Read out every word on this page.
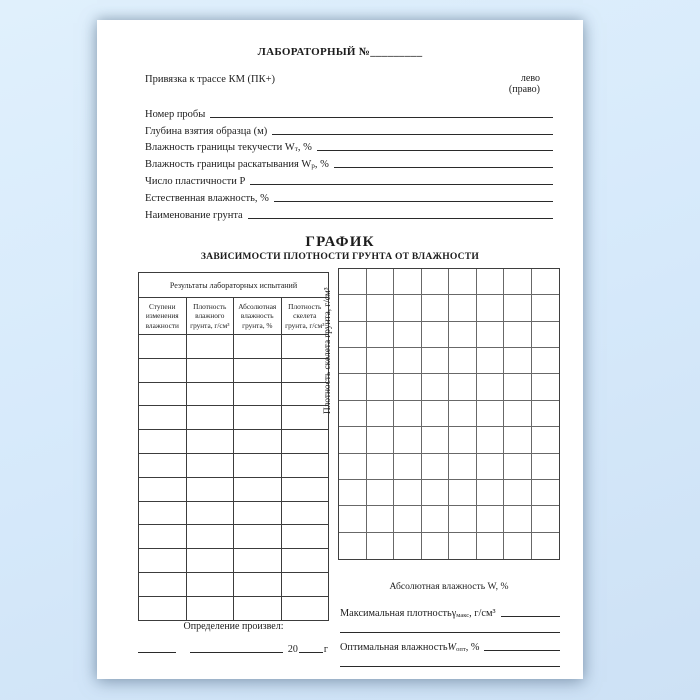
ЛАБОРАТОРНЫЙ №_________
Привязка к трассе КМ (ПК+)	лево
(право)
Номер пробы
Глубина взятия образца (м)
Влажность границы текучести W т , %
Влажность границы раскатывания W р , %
Число пластичности Р
Естественная влажность, %
Наименование грунта
ГРАФИК
ЗАВИСИМОСТИ ПЛОТНОСТИ ГРУНТА ОТ ВЛАЖНОСТИ
Результаты лабораторных испытаний			
Ступени изменения влажности	Плотность влажного грунта, г/см³	Абсолютная влажность грунта, %	Плотность скелета грунта, г/см³

Плотность скелета грунта, г/см³
Абсолютная влажность W, %
Максимальная плотность $\gamma_{макс}$ , г/см³
Оптимальная влажность $W_{опт}$ , %
Определение произвел:
20	г
